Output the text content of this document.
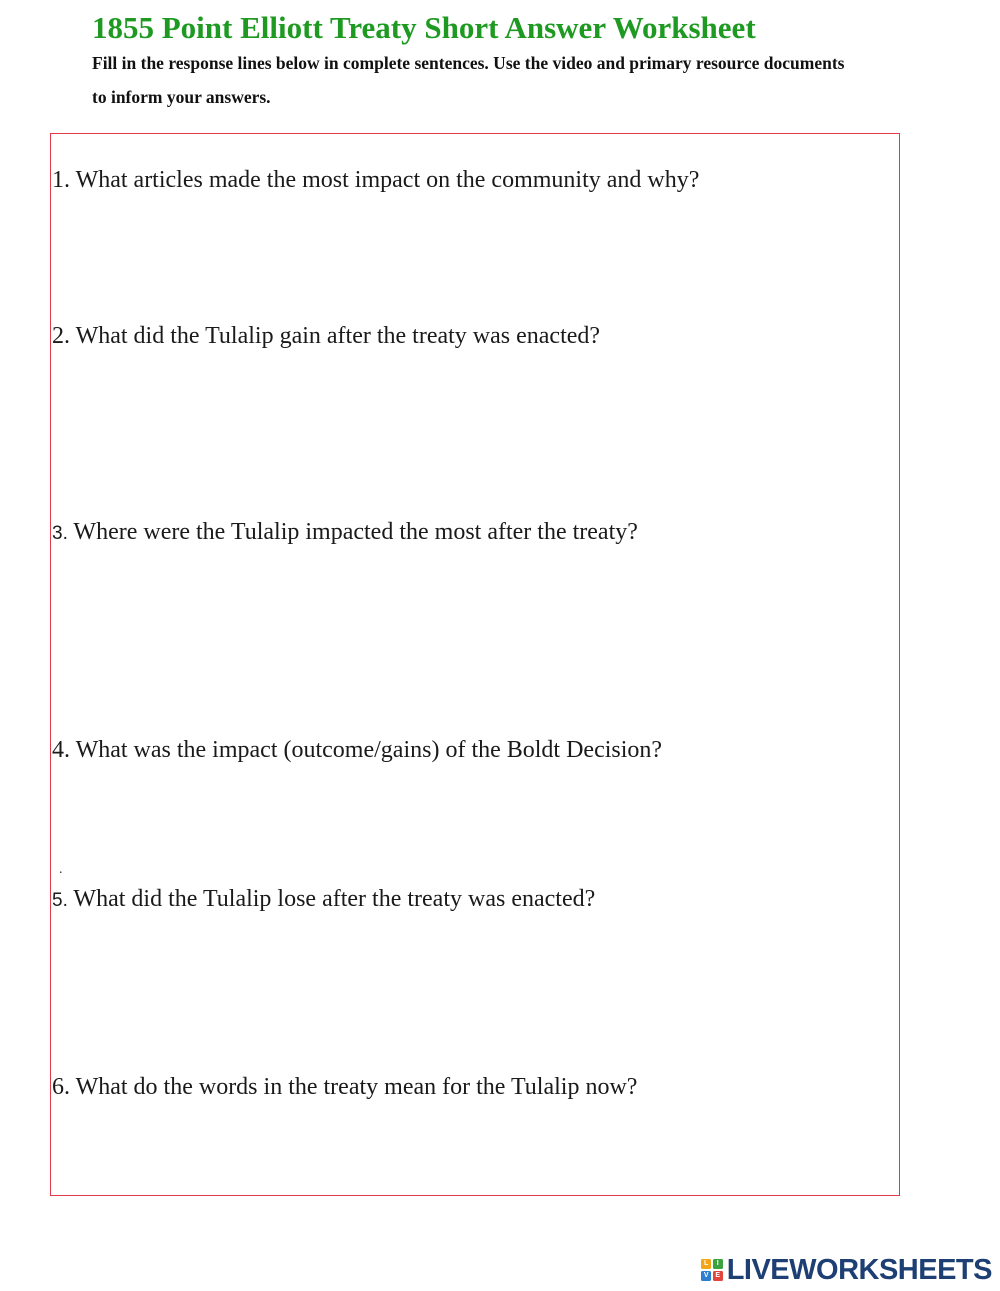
1855 Point Elliott Treaty Short Answer Worksheet

Fill in the response lines below in complete sentences. Use the video and primary resource documents to inform your answers.

1. What articles made the most impact on the community and why?

2. What did the Tulalip gain after the treaty was enacted?

3. Where were the Tulalip impacted the most after the treaty?

4. What was the impact (outcome/gains) of the Boldt Decision?

.

5. What did the Tulalip lose after the treaty was enacted?

6. What do the words in the treaty mean for the Tulalip now?

L	I
V E LIVEWORKSHEETS
